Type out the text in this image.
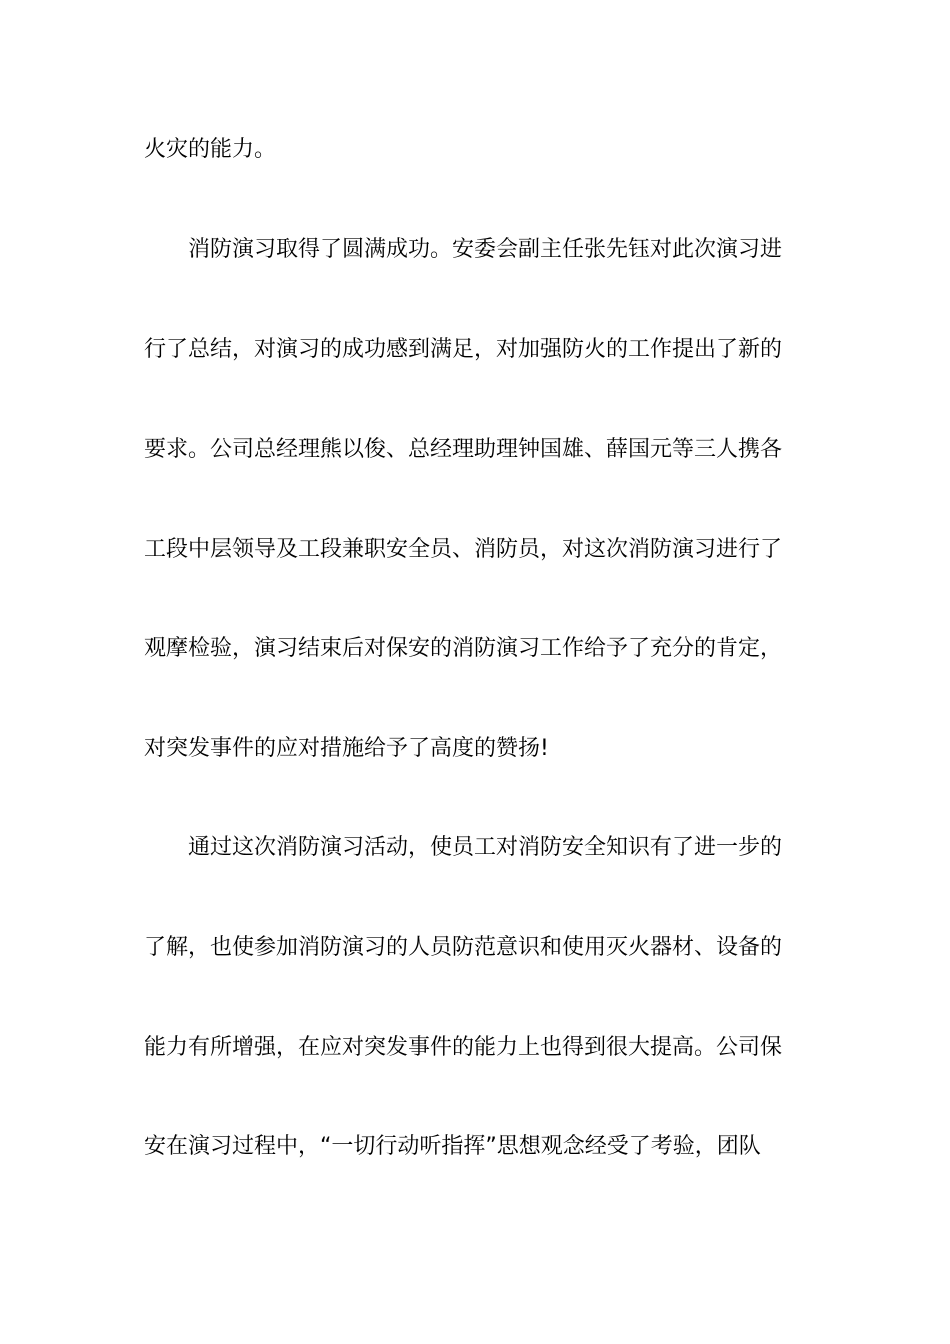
火灾的能力。
消防演习取得了圆满成功。安委会副主任张先钰对此次演习进
行了总结，对演习的成功感到满足，对加强防火的工作提出了新的
要求。公司总经理熊以俊、总经理助理钟国雄、薛国元等三人携各
工段中层领导及工段兼职安全员、消防员，对这次消防演习进行了
观摩检验，演习结束后对保安的消防演习工作给予了充分的肯定，
对突发事件的应对措施给予了高度的赞扬!
通过这次消防演习活动，使员工对消防安全知识有了进一步的
了解，也使参加消防演习的人员防范意识和使用灭火器材、设备的
能力有所增强，在应对突发事件的能力上也得到很大提高。公司保
安在演习过程中，“一切行动听指挥”思想观念经受了考验，团队
